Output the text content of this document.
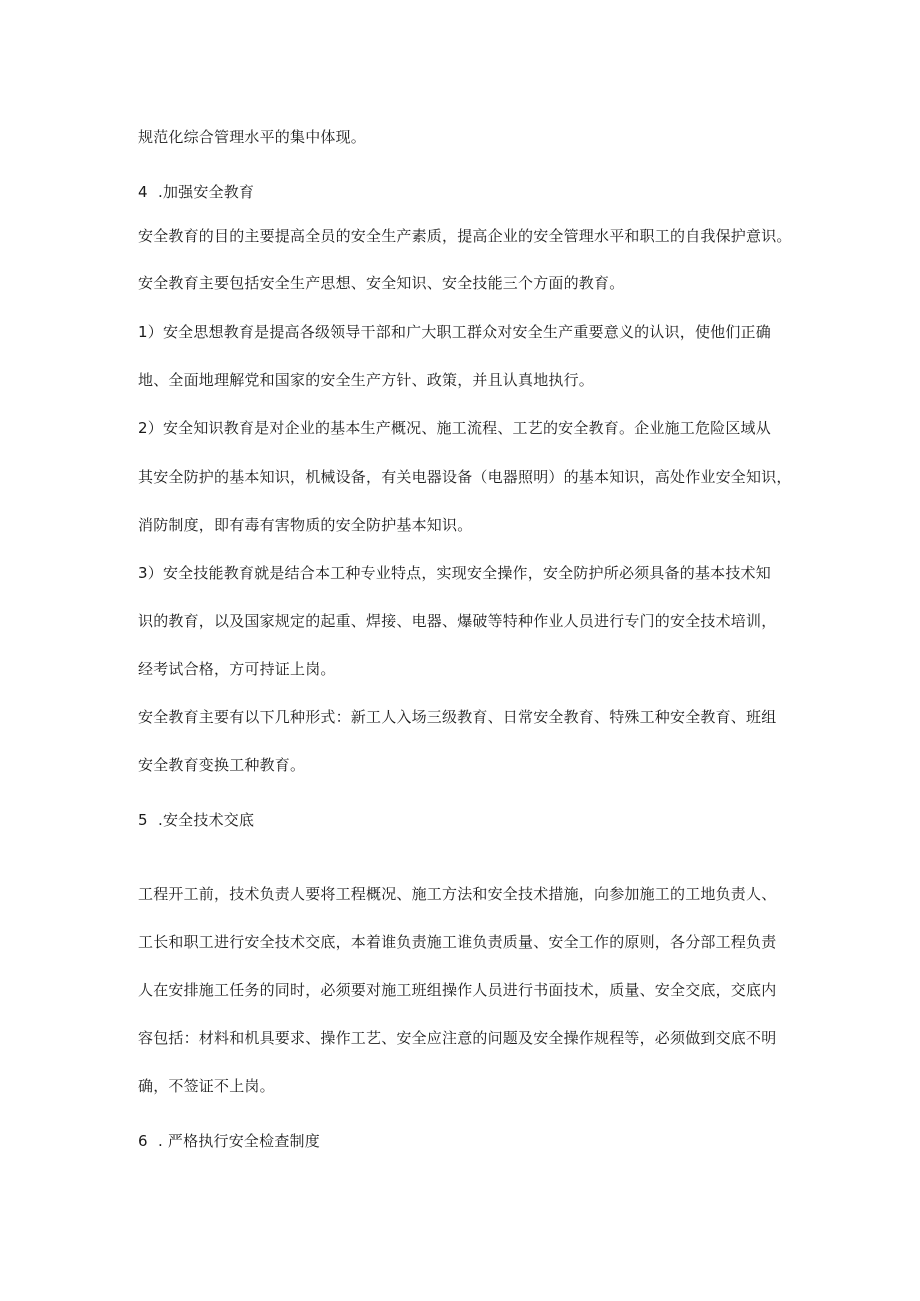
规范化综合管理水平的集中体现。
4 .加强安全教育
安全教育的目的主要提高全员的安全生产素质，提高企业的安全管理水平和职工的自我保护意识。
安全教育主要包括安全生产思想、安全知识、安全技能三个方面的教育。
1）安全思想教育是提高各级领导干部和广大职工群众对安全生产重要意义的认识，使他们正确
地、全面地理解党和国家的安全生产方针、政策，并且认真地执行。
2）安全知识教育是对企业的基本生产概况、施工流程、工艺的安全教育。企业施工危险区域从
其安全防护的基本知识，机械设备，有关电器设备（电器照明）的基本知识，高处作业安全知识，
消防制度，即有毒有害物质的安全防护基本知识。
3）安全技能教育就是结合本工种专业特点，实现安全操作，安全防护所必须具备的基本技术知
识的教育，以及国家规定的起重、焊接、电器、爆破等特种作业人员进行专门的安全技术培训，
经考试合格，方可持证上岗。
安全教育主要有以下几种形式：新工人入场三级教育、日常安全教育、特殊工种安全教育、班组
安全教育变换工种教育。
5 .安全技术交底
工程开工前，技术负责人要将工程概况、施工方法和安全技术措施，向参加施工的工地负责人、
工长和职工进行安全技术交底，本着谁负责施工谁负责质量、安全工作的原则，各分部工程负责
人在安排施工任务的同时，必须要对施工班组操作人员进行书面技术，质量、安全交底，交底内
容包括：材料和机具要求、操作工艺、安全应注意的问题及安全操作规程等，必须做到交底不明
确，不签证不上岗。
6 . 严格执行安全检查制度
